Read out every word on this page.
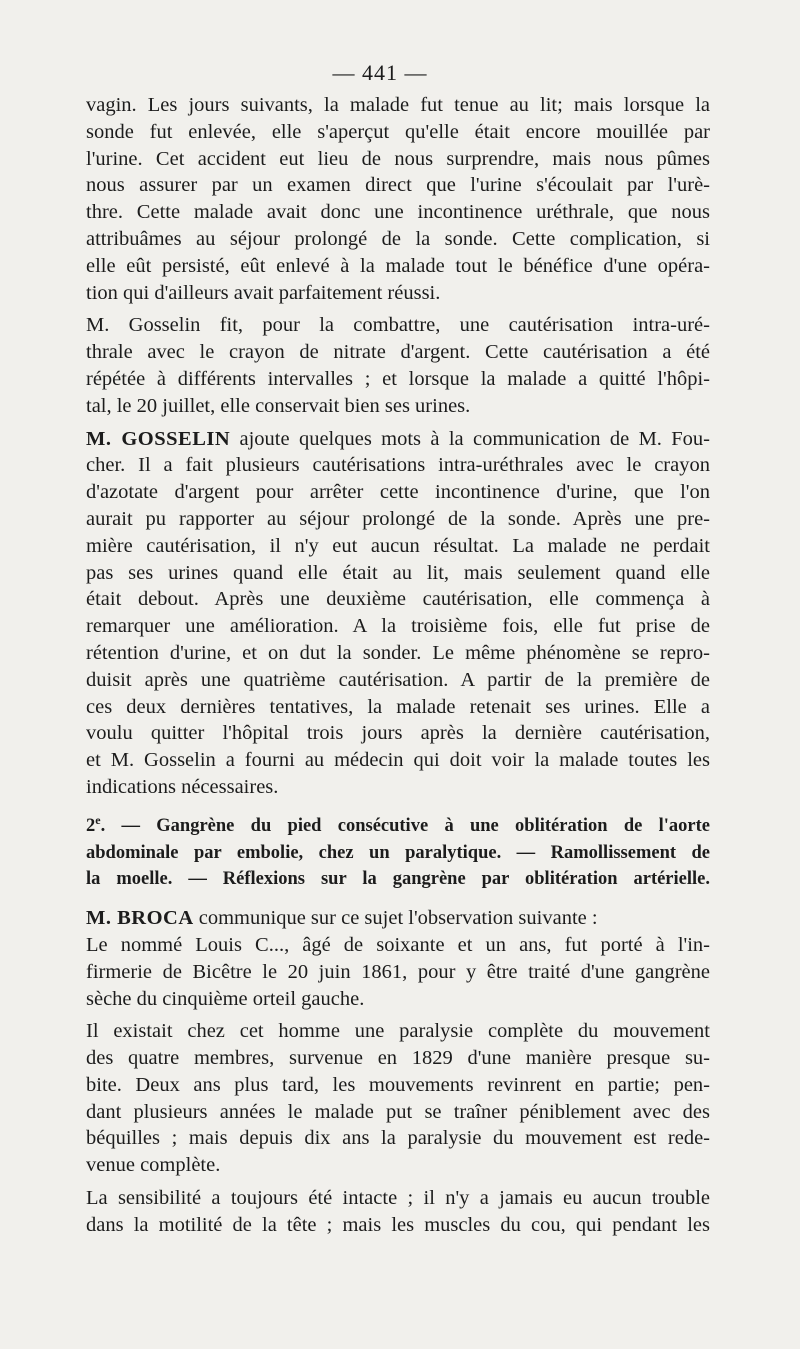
— 441 —
vagin. Les jours suivants, la malade fut tenue au lit; mais lorsque la
sonde fut enlevée, elle s'aperçut qu'elle était encore mouillée par
l'urine. Cet accident eut lieu de nous surprendre, mais nous pûmes
nous assurer par un examen direct que l'urine s'écoulait par l'urè-
thre. Cette malade avait donc une incontinence uréthrale, que nous
attribuâmes au séjour prolongé de la sonde. Cette complication, si
elle eût persisté, eût enlevé à la malade tout le bénéfice d'une opéra-
tion qui d'ailleurs avait parfaitement réussi.
M. Gosselin fit, pour la combattre, une cautérisation intra-uré-
thrale avec le crayon de nitrate d'argent. Cette cautérisation a été
répétée à différents intervalles ; et lorsque la malade a quitté l'hôpi-
tal, le 20 juillet, elle conservait bien ses urines.
M. GOSSELIN ajoute quelques mots à la communication de M. Fou-
cher. Il a fait plusieurs cautérisations intra-uréthrales avec le crayon
d'azotate d'argent pour arrêter cette incontinence d'urine, que l'on
aurait pu rapporter au séjour prolongé de la sonde. Après une pre-
mière cautérisation, il n'y eut aucun résultat. La malade ne perdait
pas ses urines quand elle était au lit, mais seulement quand elle
était debout. Après une deuxième cautérisation, elle commença à
remarquer une amélioration. A la troisième fois, elle fut prise de
rétention d'urine, et on dut la sonder. Le même phénomène se repro-
duisit après une quatrième cautérisation. A partir de la première de
ces deux dernières tentatives, la malade retenait ses urines. Elle a
voulu quitter l'hôpital trois jours après la dernière cautérisation,
et M. Gosselin a fourni au médecin qui doit voir la malade toutes les
indications nécessaires.
2e. — Gangrène du pied consécutive à une oblitération de l'aorte
abdominale par embolie, chez un paralytique. — Ramollissement de
la moelle. — Réflexions sur la gangrène par oblitération artérielle.
M. BROCA communique sur ce sujet l'observation suivante :
Le nommé Louis C..., âgé de soixante et un ans, fut porté à l'in-
firmerie de Bicêtre le 20 juin 1861, pour y être traité d'une gangrène
sèche du cinquième orteil gauche.
Il existait chez cet homme une paralysie complète du mouvement
des quatre membres, survenue en 1829 d'une manière presque su-
bite. Deux ans plus tard, les mouvements revinrent en partie; pen-
dant plusieurs années le malade put se traîner péniblement avec des
béquilles ; mais depuis dix ans la paralysie du mouvement est rede-
venue complète.
La sensibilité a toujours été intacte ; il n'y a jamais eu aucun trouble
dans la motilité de la tête ; mais les muscles du cou, qui pendant les
